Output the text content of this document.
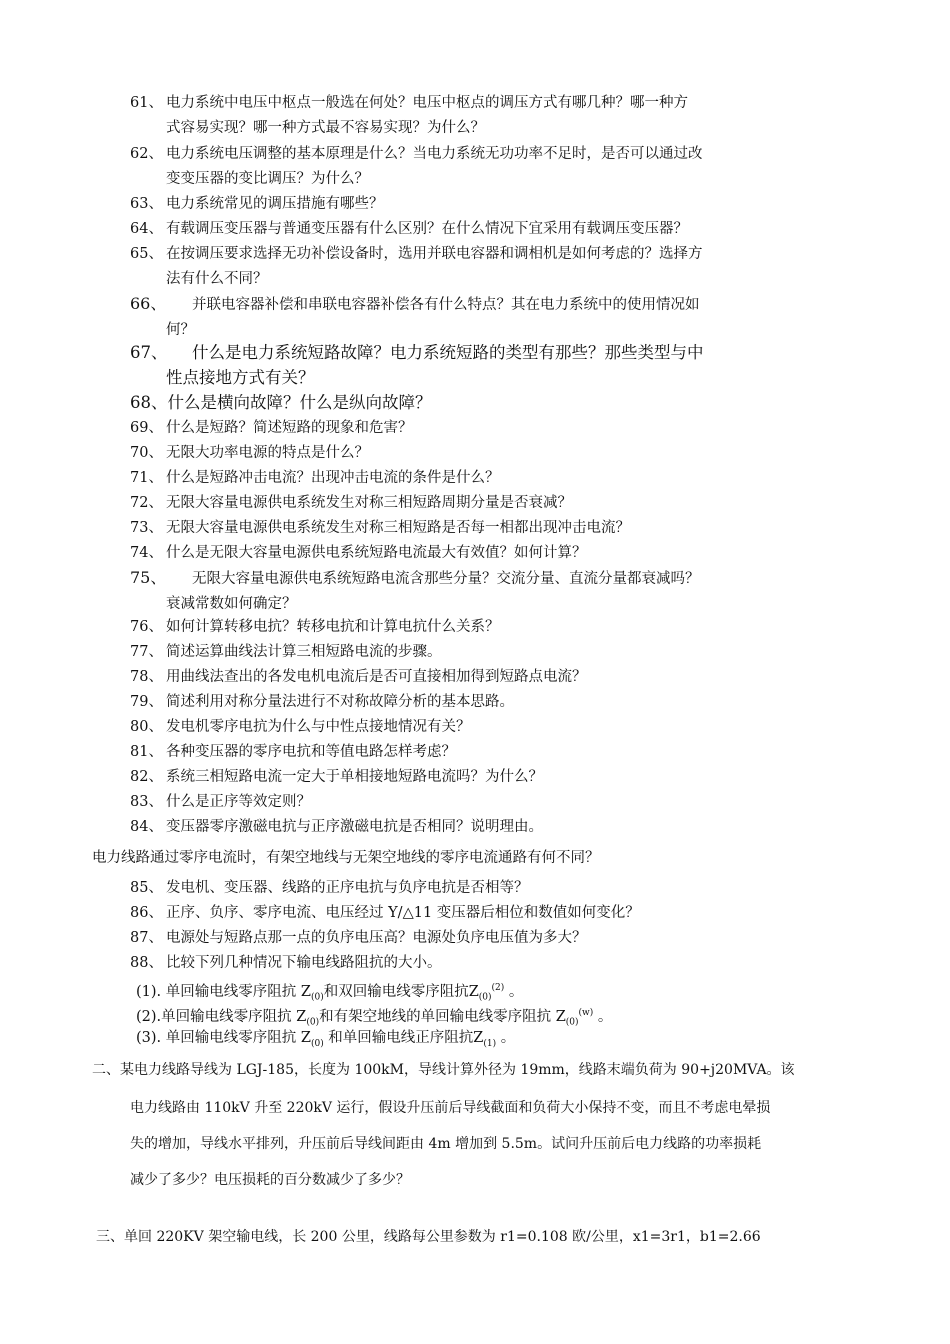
61、 电力系统中电压中枢点一般选在何处？电压中枢点的调压方式有哪几种？哪一种方
式容易实现？哪一种方式最不容易实现？为什么？
62、 电力系统电压调整的基本原理是什么？当电力系统无功功率不足时，是否可以通过改
变变压器的变比调压？为什么？
63、 电力系统常见的调压措施有哪些？
64、 有载调压变压器与普通变压器有什么区别？在什么情况下宜采用有载调压变压器？
65、 在按调压要求选择无功补偿设备时，选用并联电容器和调相机是如何考虑的？选择方
法有什么不同？
66、 并联电容器补偿和串联电容器补偿各有什么特点？其在电力系统中的使用情况如
何？
67、 什么是电力系统短路故障？电力系统短路的类型有那些？那些类型与中
性点接地方式有关？
68、什么是横向故障？什么是纵向故障？
69、 什么是短路？简述短路的现象和危害？
70、 无限大功率电源的特点是什么？
71、 什么是短路冲击电流？出现冲击电流的条件是什么？
72、 无限大容量电源供电系统发生对称三相短路周期分量是否衰减？
73、 无限大容量电源供电系统发生对称三相短路是否每一相都出现冲击电流？
74、 什么是无限大容量电源供电系统短路电流最大有效值？如何计算？
75、 无限大容量电源供电系统短路电流含那些分量？交流分量、直流分量都衰减吗？
衰减常数如何确定？
76、 如何计算转移电抗？转移电抗和计算电抗什么关系？
77、 简述运算曲线法计算三相短路电流的步骤。
78、 用曲线法查出的各发电机电流后是否可直接相加得到短路点电流？
79、 简述利用对称分量法进行不对称故障分析的基本思路。
80、 发电机零序电抗为什么与中性点接地情况有关？
81、 各种变压器的零序电抗和等值电路怎样考虑？
82、 系统三相短路电流一定大于单相接地短路电流吗？为什么？
83、 什么是正序等效定则？
84、 变压器零序激磁电抗与正序激磁电抗是否相同？说明理由。
电力线路通过零序电流时，有架空地线与无架空地线的零序电流通路有何不同？
85、 发电机、变压器、线路的正序电抗与负序电抗是否相等？
86、 正序、负序、零序电流、电压经过 Y/△11 变压器后相位和数值如何变化？
87、 电源处与短路点那一点的负序电压高？电源处负序电压值为多大？
88、 比较下列几种情况下输电线路阻抗的大小。
(1). 单回输电线零序阻抗 $Z_{(0)}$和双回输电线零序阻抗$Z_{(0)}^{(2)}$ 。
(2).单回输电线零序阻抗 $Z_{(0)}$和有架空地线的单回输电线零序阻抗 $Z_{(0)}^{(w)}$ 。
(3). 单回输电线零序阻抗 $Z_{(0)}$ 和单回输电线正序阻抗$Z_{(1)}$ 。
二、某电力线路导线为 LGJ-185，长度为 100kM，导线计算外径为 19mm，线路末端负荷为 90+j20MVA。该
电力线路由 110kV 升至 220kV 运行，假设升压前后导线截面和负荷大小保持不变，而且不考虑电晕损
失的增加，导线水平排列，升压前后导线间距由 4m 增加到 5.5m。试问升压前后电力线路的功率损耗
减少了多少？电压损耗的百分数减少了多少？
三、单回 220KV 架空输电线，长 200 公里，线路每公里参数为 r1=0.108 欧/公里，x1=3r1，b1=2.66
